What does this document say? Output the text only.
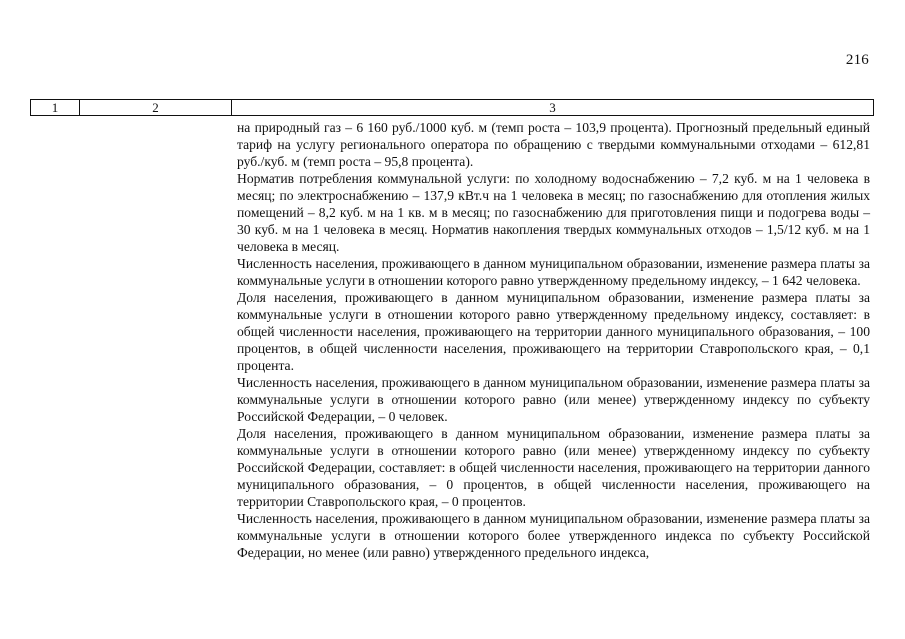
216
1	2	3

на природный газ – 6 160 руб./1000 куб. м (темп роста – 103,9 процента). Прогнозный предельный единый тариф на услугу регионального оператора по обращению с твердыми коммунальными отходами – 612,81 руб./куб. м (темп роста – 95,8 процента).

Норматив потребления коммунальной услуги: по холодному водоснабжению – 7,2 куб. м на 1 человека в месяц; по электроснабжению – 137,9 кВт.ч на 1 человека в месяц; по газоснабжению для отопления жилых помещений – 8,2 куб. м на 1 кв. м в месяц; по газоснабжению для приготовления пищи и подогрева воды – 30 куб. м на 1 человека в месяц. Норматив накопления твердых коммунальных отходов – 1,5/12 куб. м на 1 человека в месяц.

Численность населения, проживающего в данном муниципальном образовании, изменение размера платы за коммунальные услуги в отношении которого равно утвержденному предельному индексу, – 1 642 человека.

Доля населения, проживающего в данном муниципальном образовании, изменение размера платы за коммунальные услуги в отношении которого равно утвержденному предельному индексу, составляет: в общей численности населения, проживающего на территории данного муниципального образования, – 100 процентов, в общей численности населения, проживающего на территории Ставропольского края, – 0,1 процента.

Численность населения, проживающего в данном муниципальном образовании, изменение размера платы за коммунальные услуги в отношении которого равно (или менее) утвержденному индексу по субъекту Российской Федерации, – 0 человек.

Доля населения, проживающего в данном муниципальном образовании, изменение размера платы за коммунальные услуги в отношении которого равно (или менее) утвержденному индексу по субъекту Российской Федерации, составляет: в общей численности населения, проживающего на территории данного муниципального образования, – 0 процентов, в общей численности населения, проживающего на территории Ставропольского края, – 0 процентов.

Численность населения, проживающего в данном муниципальном образовании, изменение размера платы за коммунальные услуги в отношении которого более утвержденного индекса по субъекту Российской Федерации, но менее (или равно) утвержденного предельного индекса,
